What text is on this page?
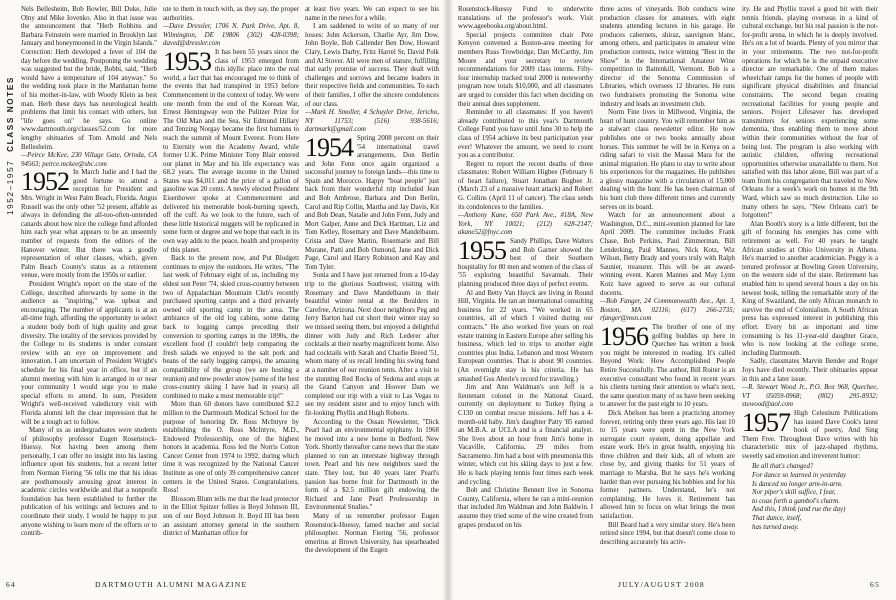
1952–1957  CLASS NOTES

Nels Bellesheim, Bob Bowler, Bill Duke, Julie Olny and Mike Iovenko. Also in that issue was the announcement that "Herb Robbins and Barbara Feinstein were married in Brooklyn last January and honeymooned in the Virgin Islands." Correction: Herb developed a fever of 104 the day before the wedding. Postponing the wedding was suggested but the bride, Bobbi, said, "Herb would have a temperature of 104 anyway." So the wedding took place in the Manhattan home of his mother-in-law, with Woody Klein as best man. Herb these days has neurological health problems that limit his contact with others, but "life goes on" he says. Go online www.dartmouth.org/classes/52.com for more lengthy obituaries of Tom Arnold and Nels Bellesheim.

—Peirce McKee, 230 Village Gate, Orinda, CA 94563; peirce.mckee@sbc.com

1952 In March Judie and I had the good fortune to attend a reception for President and Mrs. Wright in West Palm Beach, Florida. Angus Russell was the only other '52 present, affable as always in defending the all-too-often-untended canards about how nice the college fund afforded him each year what appears to be an unseemly number of requests from the editors of the Hanover winter. But there was a goodly representation of other classes, which, given Palm Beach County's status as a retirement venue, were mostly from the 1950s or earlier.

President Wright's report on the state of the College, described afterwards by some in the audience as "inspiring," was upbeat and encouraging. The number of applicants is at an all-time high, affording the opportunity to select a student body both of high quality and great diversity. The totality of the services provided by the College to its students is under constant review with an eye on improvement and innovation. I am uncertain of President Wright's schedule for his final year in office, but if an alumni meeting with him is arranged in or near your community I would urge you to make special efforts to attend. In sum, President Wright's well-received valedictory visit with Florida alumni left the clear impression that he will be a tough act to follow.

Many of us as undergraduates were students of philosophy professor Eugen Rosenstock-Huessy. Not having been among them personally, I can offer no insight into his lasting influence upon his students, but a recent letter from Norman Fiering '56 tells me that his ideas are posthumously arousing great interest in academic circles worldwide and that a nonprofit foundation has been established to further the publication of his writings and lectures and to coordinate their study. I would be happy to put anyone wishing to learn more of the efforts or to contrib-

ute to them in touch with, as they say, the proper authorities.

—Dave Dressler, 1706 N. Park Drive, Apt. 8, Wilmington, DE 19806 (302) 428-0398; daved@dressler.com

1953 It has been 55 years since the class of 1953 emerged from this idyllic place into the real world, a fact that has encouraged me to think of the events that had transpired in 1953 before Commencement in the context of today. We were one month from the end of the Korean War, Ernest Hemingway won the Pulitzer Prize for The Old Man and the Sea, Sir Edmund Hillary and Tenzing Norgay became the first humans to reach the summit of Mount Everest. From Here to Eternity won the Academy Award, while former U.K. Prime Minister Tony Blair entered our planet in May and his life expectancy was 68.2 years. The average income in the United States was $4,011 and the price of a gallon of gasoline was 20 cents. A newly elected President Eisenhower spoke at Commencement and delivered his memorable book-burning speech, off the cuff. As we look to the future, each of these little historical nuggets will be replicated in some form or degree and we hope that each in its own way adds to the peace, health and prosperity of this planet.

Back to the present now, and Put Blodgett continues to enjoy the outdoors. He writes, "The last week of February eight of us, including my eldest son Peter '74, skied cross-country between two of Appalachian Mountain Club's recently purchased sporting camps and a third privately owned old sporting camp in the area. The ambiance of the old log cabins, some dating back to logging camps preceding their conversion to sporting camps in the 1890s, the excellent food (I couldn't help comparing the fresh salads we enjoyed to the salt pork and beans of the early logging camps), the amazing compatibility of the group (we are hosting a reunion) and new powder snow (some of the best cross-country skiing I have had in years) all combined to make a most memorable trip!"

More than 60 donors have contributed $2.2 million to the Dartmouth Medical School for the purpose of honoring Dr. Ross McIntyre by establishing the O. Ross McIntyre, M.D., Endowed Professorship, one of the highest honors in academia. Ross led the Norris Cotton Cancer Center from 1974 to 1992, during which time it was recognized by the National Cancer Institute as one of only 39 comprehensive cancer centers in the United States. Congratulations, Ross!

Blossom Blum tells me that the lead protector in the Elliot Spitzer follies is Boyd Johnson III, son of our Boyd Johnson Jr. Boyd III has been an assistant attorney general in the southern district of Manhattan office for

at least five years. We can expect to see his name in the news for a while.

I am saddened to write of so many of our losses: John Ackerson, Charlie Ayr, Jim Dow, John Boyle, Bob Callender Ben Dow, Howard Clary, Lewis Darby, Fritz Harrel Sr, David Polk and Al Stover. All were men of stature, fulfilling that early promise of success. They dealt with challenges and sorrows and became leaders in their respective fields and communities. To each of their families, I offer the sincere condolences of our class.

—Mark H. Smoller, 4 Schuyler Drive, Jericho, NY 11753; (516) 938-5616; dartmark@gmail.com

1954 Spring 2008 percent on their '54 international travel arrangements, Don Berlin and John Fenn once again organized a successful journey to foreign lands—this time to Spain and Morocco. Happy "boat people" just back from their wonderful trip included Jean and Bob Ambrose, Barbara and Don Berlin, Carol and Rip Collin, Martha and Jay Davis, Kit and Bob Dean, Natalie and John Fenn, Judy and Mort Galper, Anne and Dick Hartman, Liz and Tom Kelley, Rosemary and Dave Mandelbaum, Crista and Dave Martin, Rosemarie and Bill Murane, Patti and Bob Osmond, Jane and Dick Page, Carol and Harry Robinson and Kay and Tom Tyler.

Sonia and I have just returned from a 10-day trip to the glorious Southwest, visiting with Rosemary and Dave Mandelbaum in their beautiful winter rental at the Boulders in Carefree, Arizona. Next door neighbors Peg and Jerry Barton had cut short their winter stay so we missed seeing them, but enjoyed a delightful dinner with Judy and Rich Lederer after cocktails at their nearby magnificent home. Also had cocktails with Sarah and Charlie Breed '51, whom many of us recall lending his swing band at a number of our reunion tents. After a visit to the stunning Red Rocks of Sedona and stops at the Grand Canyon and Hoover Dam we completed our trip with a visit to Las Vegas to see my resident sister and to enjoy lunch with fit-looking Phyllis and Hugh Roberts.

According to the Ossan Newsletter, "Dick Pearl had an environmental epiphany. In 1968 he moved into a new home in Bedford, New York. Shortly thereafter came news that the state planned to run an interstate highway through town. Pearl and his new neighbors sued the state. They lost, but 40 years later Pearl's passion has borne fruit for Dartmouth in the form of a $2.5 million gift endowing the Richard and Jane Pearl Professorship in Environmental Studies."

Many of us remember professor Eugen Rosenstock-Huessy, famed teacher and social philosopher. Norman Fiering '56, professor emeritus at Brown University, has spearheaded the development of the Eugen

Rosenstock-Huessy Fund to underwrite translations of the professor's work. Visit www.ageebooks.org/about.html.

Special projects committee chair Pete Kenyon convened a Boston-area meeting for members Russ Trowbridge, Dan McCarthy, Jim Moore and your secretary to review recommendations for 2009 class interns. Fifty-four internship tracked total 2000 is noteworthy program now totals $10,000, and all classmates are urged to consider this fact when deciding on their annual dues supplement.

Reminder to all classmates: If you haven't already contributed to this year's Dartmouth College Fund you have until June 30 to help the class of 1954 achieve its best participation year ever! Whatever the amount, we need to count you as a contributor.

Regret to report the recent deaths of three classmates: Robert William Higbee (February 6 of heart failure), Stuart Jonathan Bugbee Jr. (March 23 of a massive heart attack) and Robert G. Collins (April 11 of cancer). The class sends its condolences to the families.

—Anthony Kane, 650 Park Ave., #18A, New York, NY 10021; (212) 628-2147; akane52@fnyc.com

1955 Sandy Phillips, Dave Walters and Bob Garner showed the best of their Southern hospitality for 80 men and women of the class of '55 exploring beautiful Savannah. Their planning produced three days of perfect events.

Al and Betty Van Huyck are living in Round Hill, Virginia. He ran an international consulting business for 22 years. "We worked in 65 countries, all of which I visited during our contracts." He also worked five years on real estate training in Eastern Europe after selling his business, which led to trips to another eight countries plus India, Lebanon and most Western European countries. That is about 90 countries. (An overnight stay is his criteria. He has smashed Gus Aberle's record for traveling.)

Jim and Ann Waldman's son Jeff is a lieutenant colonel in the National Guard, currently on deployment to Turkey flying a C130 on combat rescue missions. Jeff has a 4-month-old baby. Jim's daughter Patty '85 earned an M.B.A. at UCLA and is a financial analyst. She lives about an hour from Jim's home in Vacaville, California, 29 miles from Sacramento. Jim had a bout with pneumonia this winter, which cut his skiing days to just a few. He is back playing tennis four times each week and cycling.

Bob and Christine Bennett live in Sonoma County, California, where he ran a mini-reunion that included Jim Waldman and John Baldwin. I assume they tried some of the wine created from grapes produced on his

three acres of vineyards. Bob conducts wine production classes for amateurs, with eight students attending lectures in his garage. He produces cabernets, shiraz, sauvignon blanc, among others, and participates in amateur wine production contests, twice winning "Best in the Show" in the International Amateur Wine competition in Battenkill, Vermont. Bob is a director of the Sonoma Commission of Libraries, which oversees 12 libraries. He runs two fundraisers promoting the Sonoma wine industry and leads an investment club.

Norm Fine lives in Millwood, Virginia, the heart of hunt country. You will remember him as a stalwart class newsletter editor. He now publishes one or two books annually about horses. This summer he will be in Kenya on a riding safari to visit the Massai Mara for the animal migration. He plans to stay to write about his experiences for the magazines. He publishes a glossy magazine with a circulation of 15,000 dealing with the hunt. He has been chairman of his hunt club three different times and currently serves on its board.

Watch for an announcement about a Washington, D.C., mini-reunion planned for late April 2009. The committee includes Frank Chase, Bob Perkins, Paul Zimmerman, Bill Lenderking, Paul Mannes, Nick Kotz, Wiz Wilson, Betty Brady and yours truly with Ralph Saunier, treasurer. This will be an award-winning event. Karen Mannes and May Lynn Kotz have agreed to serve as our cultural docents.

—Bob Fanger, 24 Commonwealth Ave., Apt. 3, Boston, MA 02116; (617) 266-2735; rfanger@msn.com

1956 The brother of one of my golfing buddies up here in Quechee has written a book you might be interested in reading. It's called Beyond Work: How Accomplished People Retire Successfully. The author, Bill Roiter is an executive consultant who found in recent years his clients turning their attention to what's next, the same question many of us have been seeking to answer for the past eight to 10 years.

Dick Abelson has been a practicing attorney forever, retiring only three years ago. His last 10 to 15 years were spent in the New York surrogate court system, doing appellate and estate work. He's in great health, enjoying his three children and their kids, all of whom are close by, and giving thanks for 51 years of marriage to Marsha. But he says he's working harder than ever pursuing his hobbies and for his former partners. Understand, he's not complaining. He loves it. Retirement has allowed him to focus on what brings the most satisfaction.

Bill Beard had a very similar story. He's been retired since 1994, but that doesn't come close to describing accurately his activ-

ity. He and Phyllis travel a good bit with their tennis friends, playing overseas in a kind of cultural exchange, but his real passion is the not-for-profit arena, in which he is deeply involved. He's on a lot of boards. Plenty of you mirror that in your retirements. The two not-for-profit operations for which he is the unpaid executive director are remarkable. One of them makes wheelchair ramps for the homes of people with significant physical disabilities and financial constraints. The second began creating recreational facilities for young people and seniors. Project Lifesaver has developed transmitters for seniors experiencing some dementia, thus enabling them to move about within their communities without the fear of being lost. The program is also working with autistic children, offering recreational opportunities otherwise unavailable to them. Not satisfied with this labor alone, Bill was part of a team from his congregation that traveled to New Orleans for a week's work on homes in the 9th Ward, which saw so much destruction. Like so many others he says, "New Orleans can't be forgotten!"

Alan Booth's story is a little different, but the gift of focusing his energies has come with retirement as well. For 40 years he taught African studies at Ohio University in Athens. He's married to another academician. Peggy is a tenured professor at Bowling Green University, on the western side of the state. Retirement has enabled him to spend several hours a day on his newest book, telling the remarkable story of the King of Swaziland, the only African monarch to survive the end of Colonialism. A South African press has expressed interest in publishing this effort. Every bit as important and time consuming is his 11-year-old daughter Grace, who is now looking at the college scene, including Dartmouth.

Sadly, classmates Marvin Bender and Roger Joys have died recently. Their obituaries appear in this and a later issue.

—R. Stewart Wood Jr., P.O. Box 968, Quechee, VT 05059-0968; (802) 295-8932; stewood@aol.com

1957 High Celestium Publications has issued Dave Cook's latest book of poetry, And Sing Them Free. Throughout Dave writes with his characteristic mix of jazz-shaped rhythms, sweetly sad emotion and irreverent humor:

Be all that's changed?

For dance so learned in yesterday

Is danced no longer arm-in-arm.

Nor piper's skill suffice, I fear,

to coax forth a gambol's charm.

And this, I think (and rue the day)

That dance, itself,

has turned away.

64	DARTMOUTH ALUMNI MAGAZINE	JULY/AUGUST 2008	65
